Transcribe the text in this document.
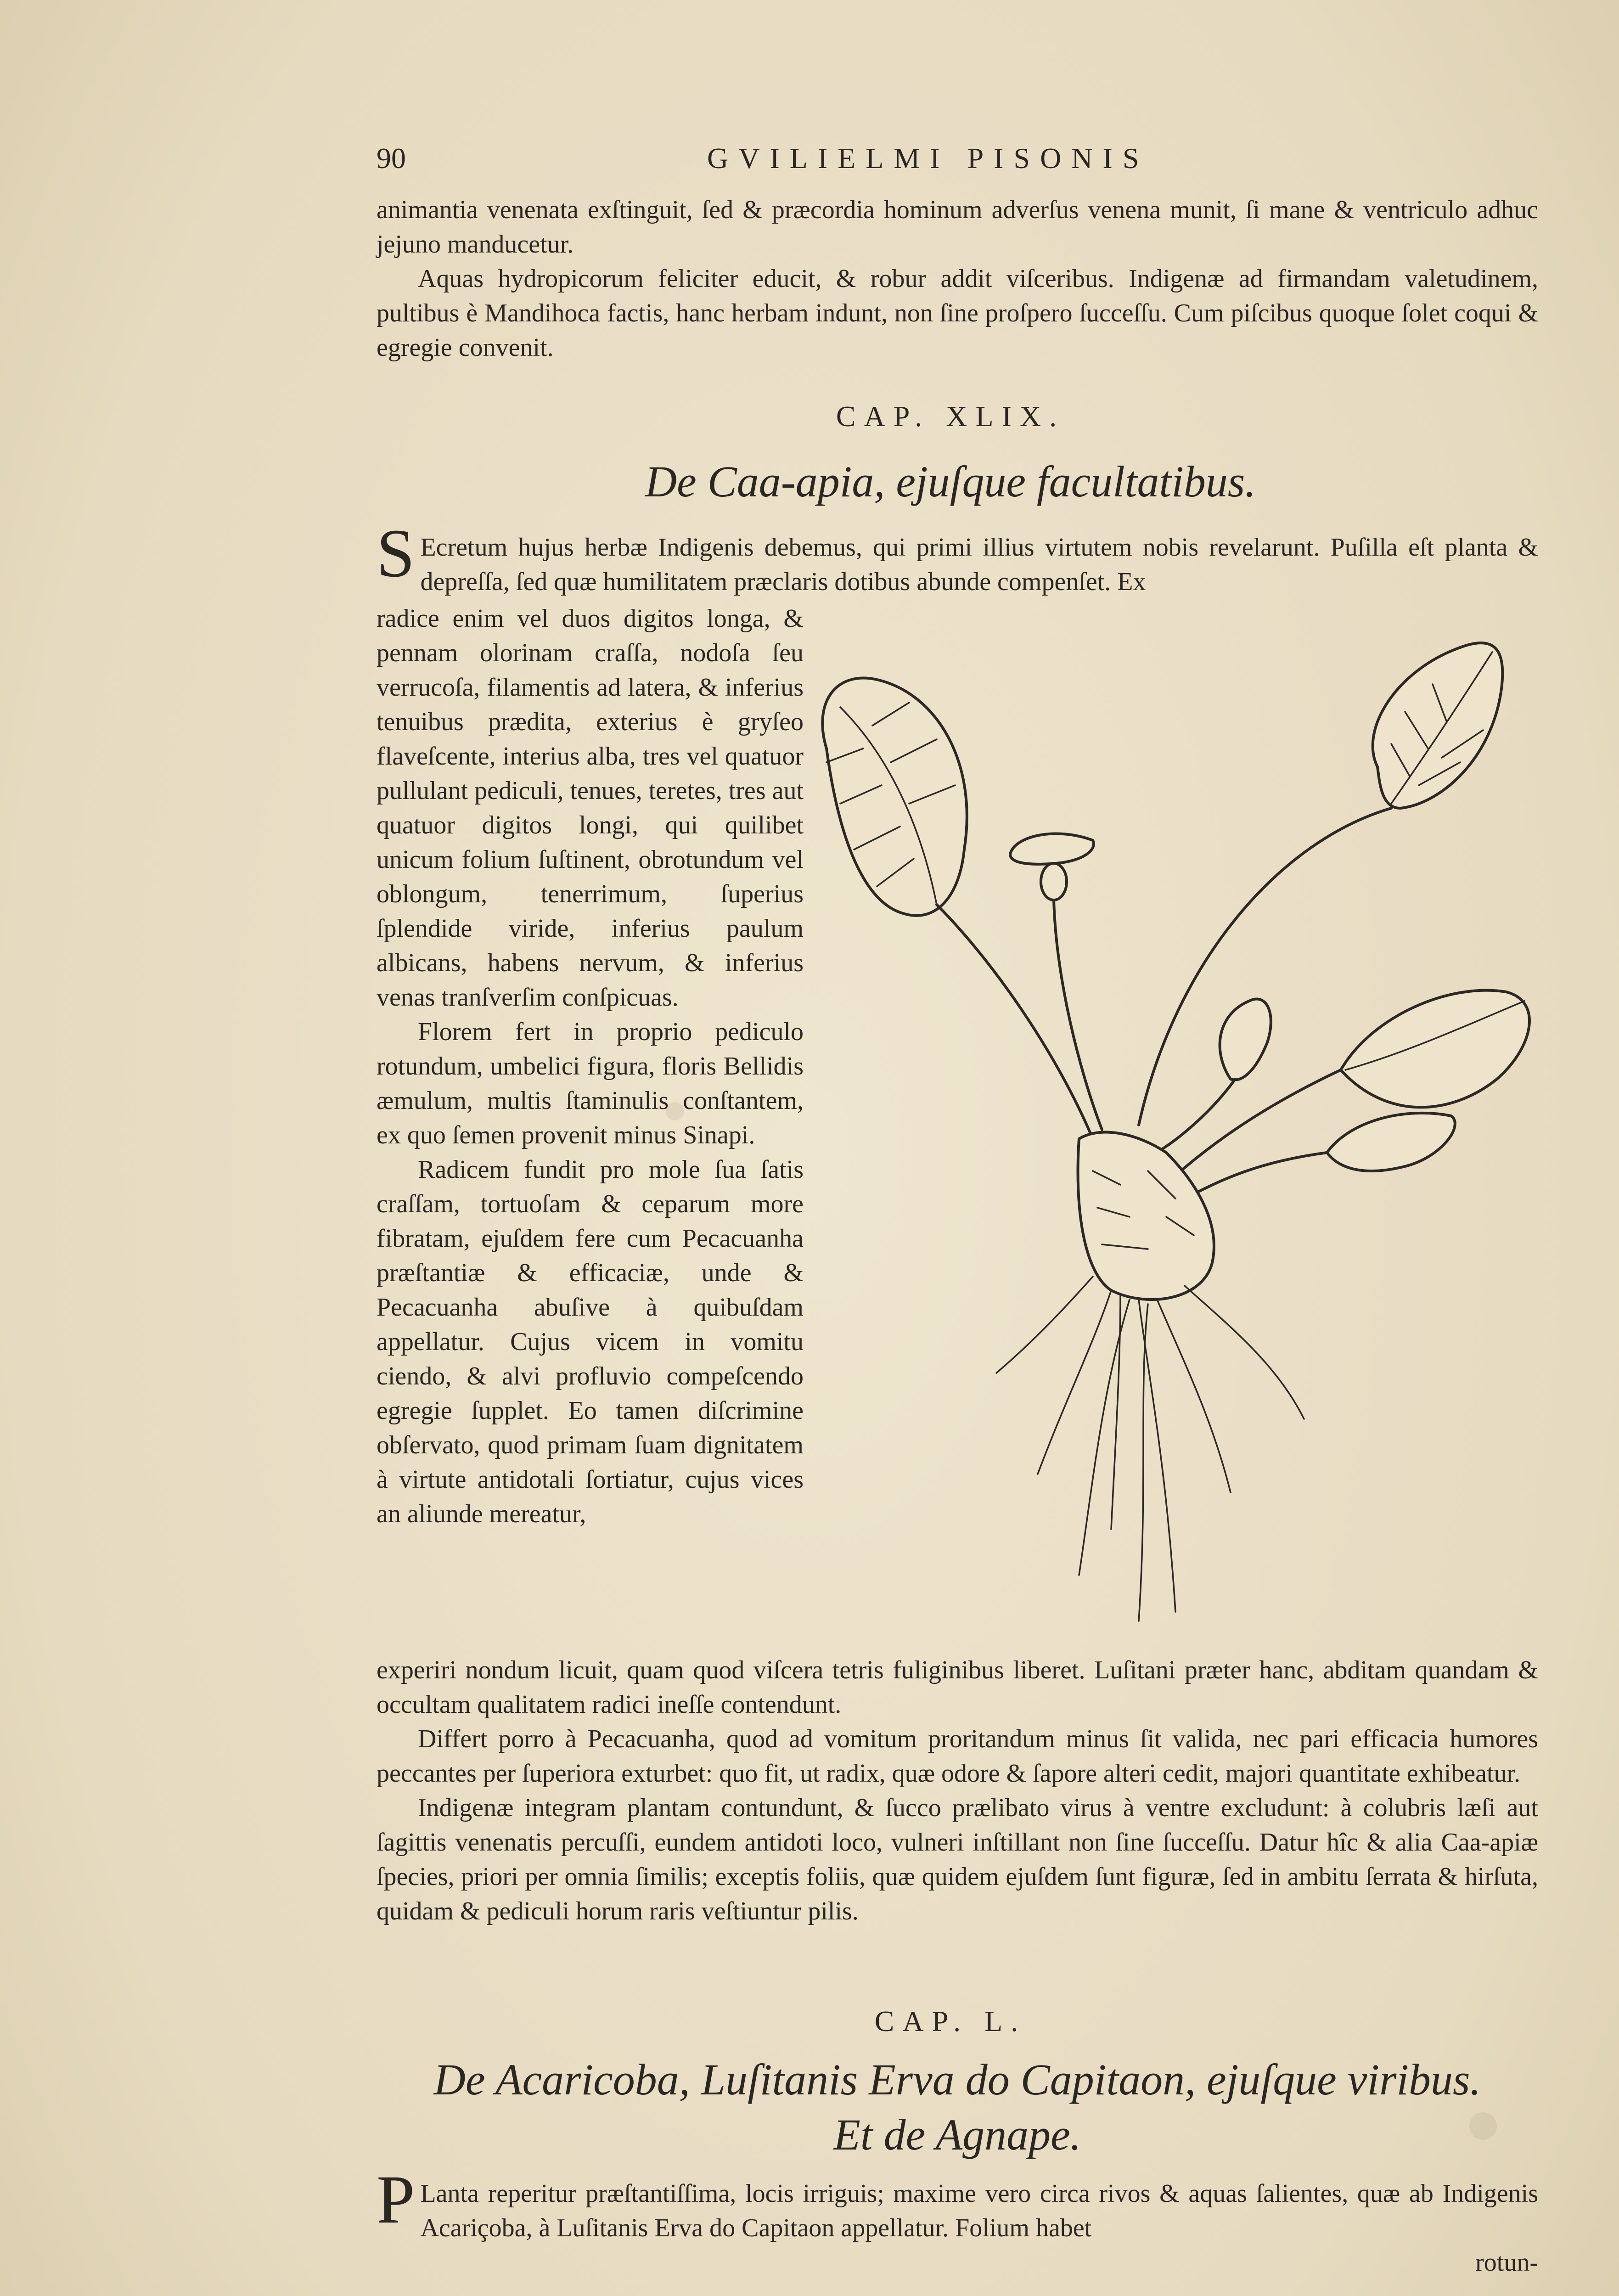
90	GVILIELMI PISONIS

animantia venenata exſtinguit, ſed & præcordia hominum adverſus venena munit, ſi mane & ventriculo adhuc jejuno manducetur.

Aquas hydropicorum feliciter educit, & robur addit viſceribus. Indigenæ ad firmandam valetudinem, pultibus è Mandihoca factis, hanc herbam indunt, non ſine proſpero ſucceſſu. Cum piſcibus quoque ſolet coqui & egregie convenit.

CAP. XLIX.
De Caa-apia, ejuſque facultatibus.
S Ecretum hujus herbæ Indigenis debemus, qui primi illius virtutem nobis revelarunt. Puſilla eſt planta & depreſſa, ſed quæ humilitatem præclaris dotibus abunde compenſet. Ex

radice enim vel duos digitos longa, & pennam olorinam craſſa, nodoſa ſeu verrucoſa, filamentis ad latera, & inferius tenuibus prædita, exterius è gryſeo flaveſcente, interius alba, tres vel quatuor pullulant pediculi, tenues, teretes, tres aut quatuor digitos longi, qui quilibet unicum folium ſuſtinent, obrotundum vel oblongum, tenerrimum, ſuperius ſplendide viride, inferius paulum albicans, habens nervum, & inferius venas tranſverſim conſpicuas.

Florem fert in proprio pediculo rotundum, umbelici figura, floris Bellidis æmulum, multis ſtaminulis conſtantem, ex quo ſemen provenit minus Sinapi.

Radicem fundit pro mole ſua ſatis craſſam, tortuoſam & ceparum more fibratam, ejuſdem fere cum Pecacuanha præſtantiæ & efficaciæ, unde & Pecacuanha abuſive à quibuſdam appellatur. Cujus vicem in vomitu ciendo, & alvi profluvio compeſcendo egregie ſupplet. Eo tamen diſcrimine obſervato, quod primam ſuam dignitatem à virtute antidotali ſortiatur, cujus vices an aliunde mereatur,

experiri nondum licuit, quam quod viſcera tetris fuliginibus liberet. Luſitani præter hanc, abditam quandam & occultam qualitatem radici ineſſe contendunt.

Differt porro à Pecacuanha, quod ad vomitum proritandum minus ſit valida, nec pari efficacia humores peccantes per ſuperiora exturbet: quo fit, ut radix, quæ odore & ſapore alteri cedit, majori quantitate exhibeatur.

Indigenæ integram plantam contundunt, & ſucco prælibato virus à ventre excludunt: à colubris læſi aut ſagittis venenatis percuſſi, eundem antidoti loco, vulneri inſtillant non ſine ſucceſſu. Datur hîc & alia Caa-apiæ ſpecies, priori per omnia ſimilis; exceptis foliis, quæ quidem ejuſdem ſunt figuræ, ſed in ambitu ſerrata & hirſuta, quidam & pediculi horum raris veſtiuntur pilis.

CAP. L.
De Acaricoba, Luſitanis Erva do Capitaon, ejuſque viribus.
Et de Agnape.
P Lanta reperitur præſtantiſſima, locis irriguis; maxime vero circa rivos & aquas ſalientes, quæ ab Indigenis Acariçoba, à Luſitanis Erva do Capitaon appellatur. Folium habet
rotun-
